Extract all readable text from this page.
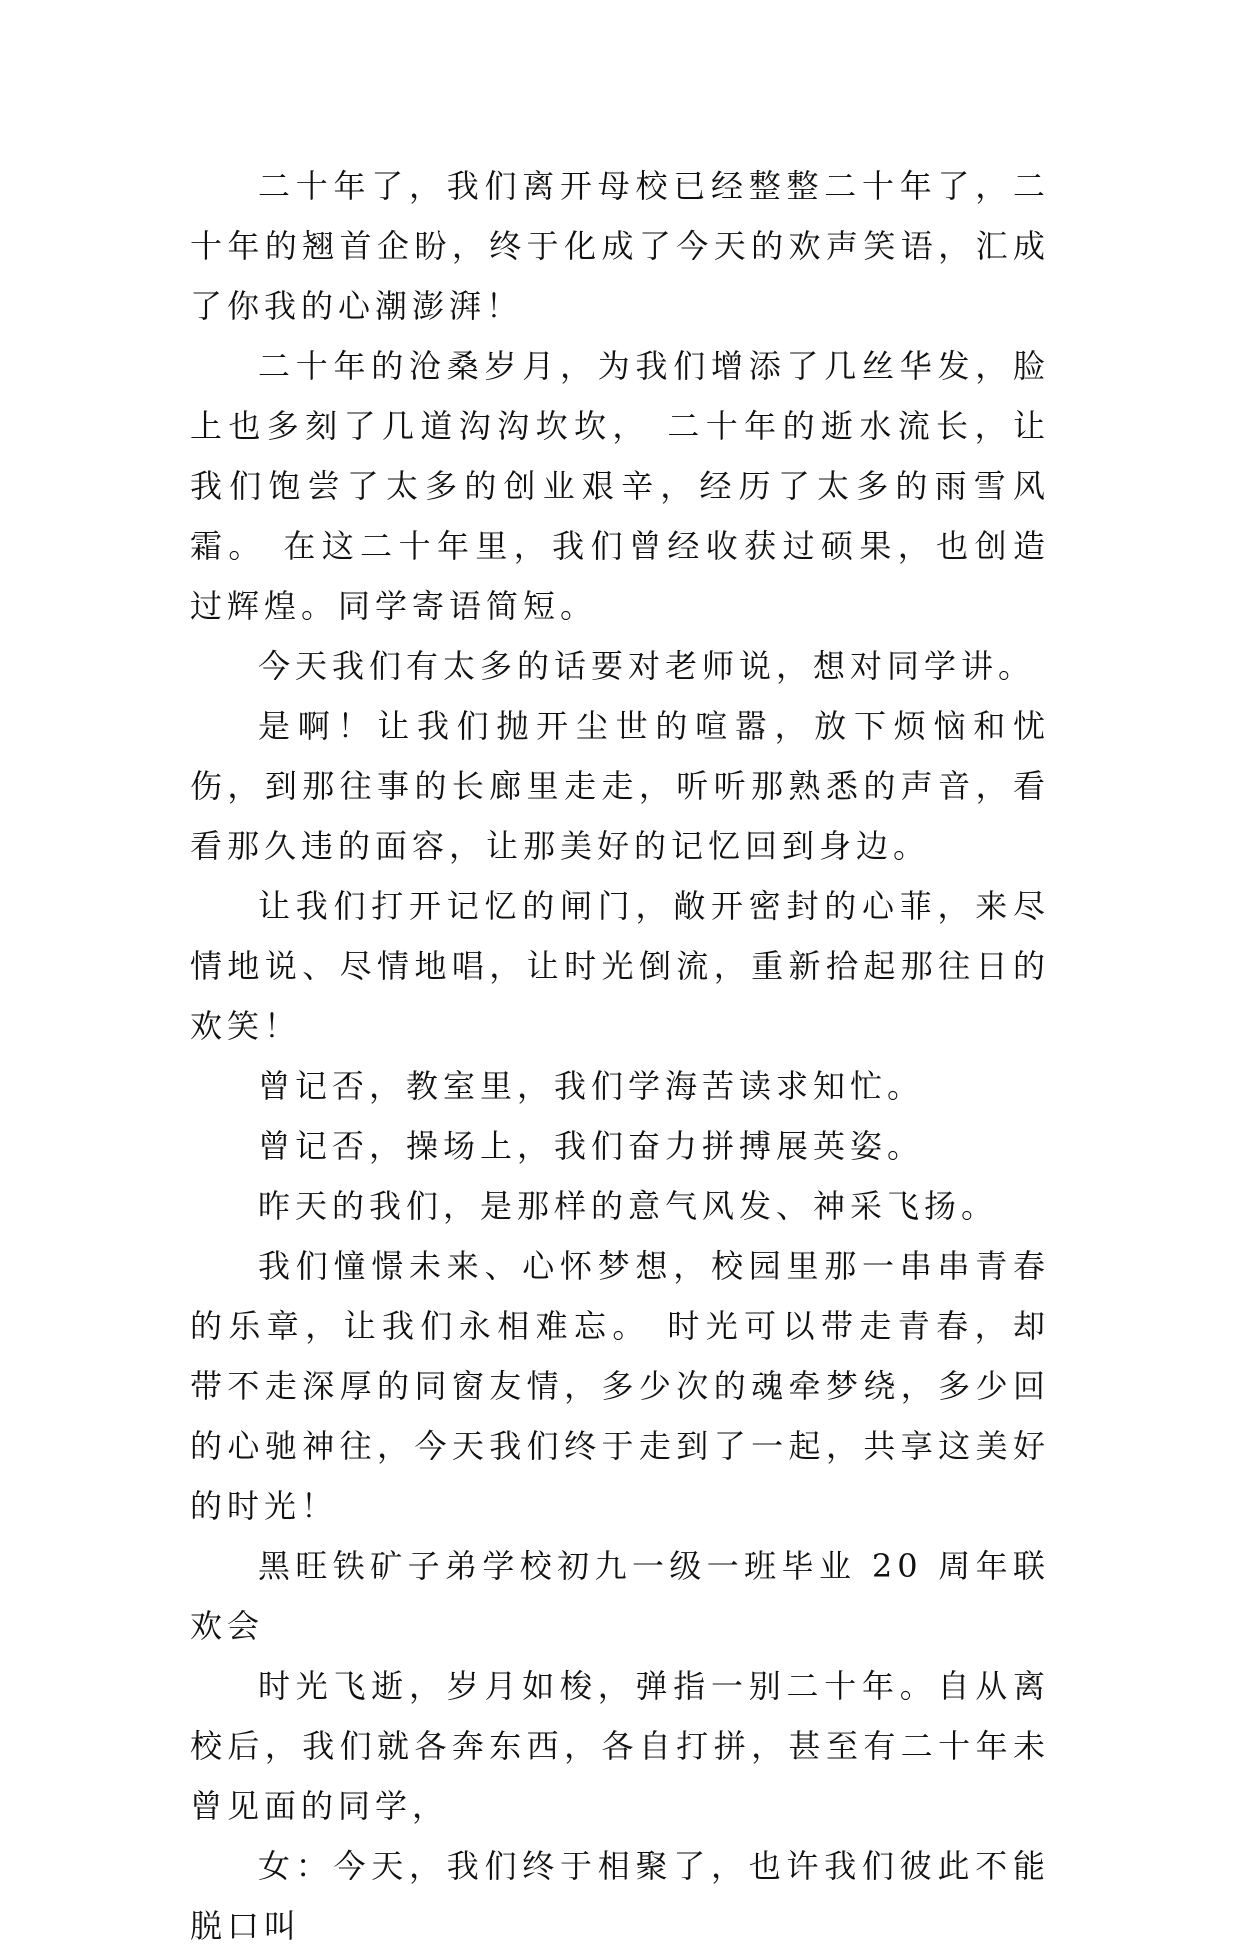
二十年了，我们离开母校已经整整二十年了，二十年的翘首企盼，终于化成了今天的欢声笑语，汇成了你我的心潮澎湃！

二十年的沧桑岁月，为我们增添了几丝华发，脸上也多刻了几道沟沟坎坎， 二十年的逝水流长，让我们饱尝了太多的创业艰辛，经历了太多的雨雪风霜。 在这二十年里，我们曾经收获过硕果，也创造过辉煌。同学寄语简短。

今天我们有太多的话要对老师说，想对同学讲。

是啊！让我们抛开尘世的喧嚣，放下烦恼和忧伤，到那往事的长廊里走走，听听那熟悉的声音，看看那久违的面容，让那美好的记忆回到身边。

让我们打开记忆的闸门，敞开密封的心菲，来尽情地说、尽情地唱，让时光倒流，重新拾起那往日的欢笑！

曾记否，教室里，我们学海苦读求知忙。

曾记否，操场上，我们奋力拼搏展英姿。

昨天的我们，是那样的意气风发、神采飞扬。

我们憧憬未来、心怀梦想，校园里那一串串青春的乐章，让我们永相难忘。 时光可以带走青春，却带不走深厚的同窗友情，多少次的魂牵梦绕，多少回的心驰神往，今天我们终于走到了一起，共享这美好的时光！

黑旺铁矿子弟学校初九一级一班毕业 20 周年联欢会

时光飞逝，岁月如梭，弹指一别二十年。自从离校后，我们就各奔东西，各自打拼，甚至有二十年未曾见面的同学，

女：今天，我们终于相聚了，也许我们彼此不能脱口叫
